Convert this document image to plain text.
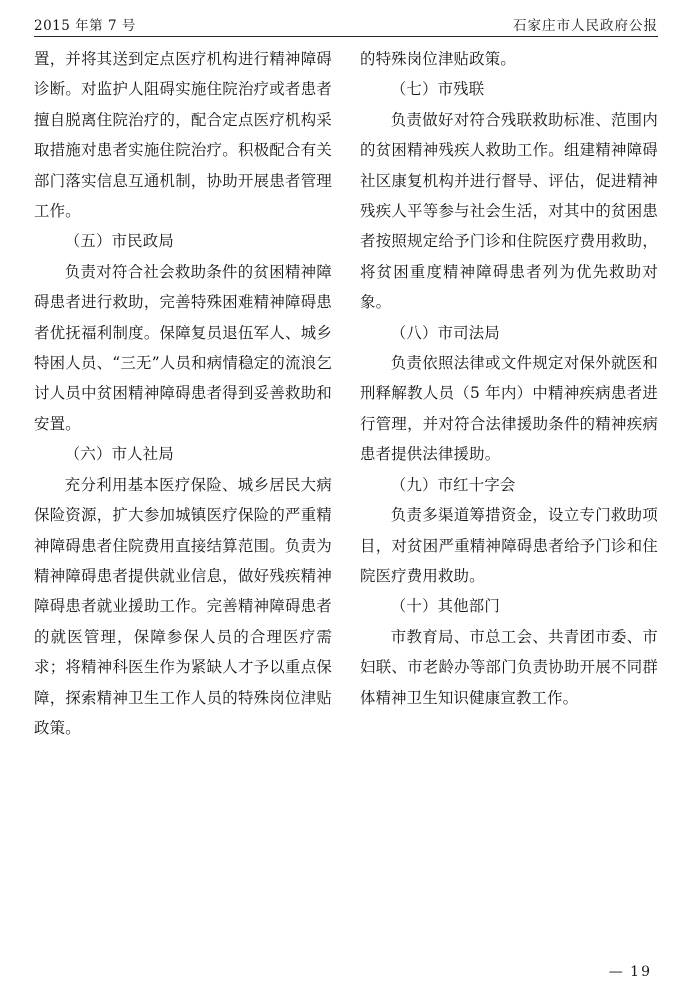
2015 年第 7 号	石家庄市人民政府公报

置，并将其送到定点医疗机构进行精神障碍诊断。对监护人阻碍实施住院治疗或者患者擅自脱离住院治疗的，配合定点医疗机构采取措施对患者实施住院治疗。积极配合有关部门落实信息互通机制，协助开展患者管理工作。

（五）市民政局

负责对符合社会救助条件的贫困精神障碍患者进行救助，完善特殊困难精神障碍患者优抚福利制度。保障复员退伍军人、城乡特困人员、“三无”人员和病情稳定的流浪乞讨人员中贫困精神障碍患者得到妥善救助和安置。

（六）市人社局

充分利用基本医疗保险、城乡居民大病保险资源，扩大参加城镇医疗保险的严重精神障碍患者住院费用直接结算范围。负责为精神障碍患者提供就业信息，做好残疾精神障碍患者就业援助工作。完善精神障碍患者的就医管理，保障参保人员的合理医疗需求；将精神科医生作为紧缺人才予以重点保障，探索精神卫生工作人员的特殊岗位津贴政策。

的特殊岗位津贴政策。

（七）市残联

负责做好对符合残联救助标准、范围内的贫困精神残疾人救助工作。组建精神障碍社区康复机构并进行督导、评估，促进精神残疾人平等参与社会生活，对其中的贫困患者按照规定给予门诊和住院医疗费用救助，将贫困重度精神障碍患者列为优先救助对象。

（八）市司法局

负责依照法律或文件规定对保外就医和刑释解教人员（5 年内）中精神疾病患者进行管理，并对符合法律援助条件的精神疾病患者提供法律援助。

（九）市红十字会

负责多渠道筹措资金，设立专门救助项目，对贫困严重精神障碍患者给予门诊和住院医疗费用救助。

（十）其他部门

市教育局、市总工会、共青团市委、市妇联、市老龄办等部门负责协助开展不同群体精神卫生知识健康宣教工作。

— 19
